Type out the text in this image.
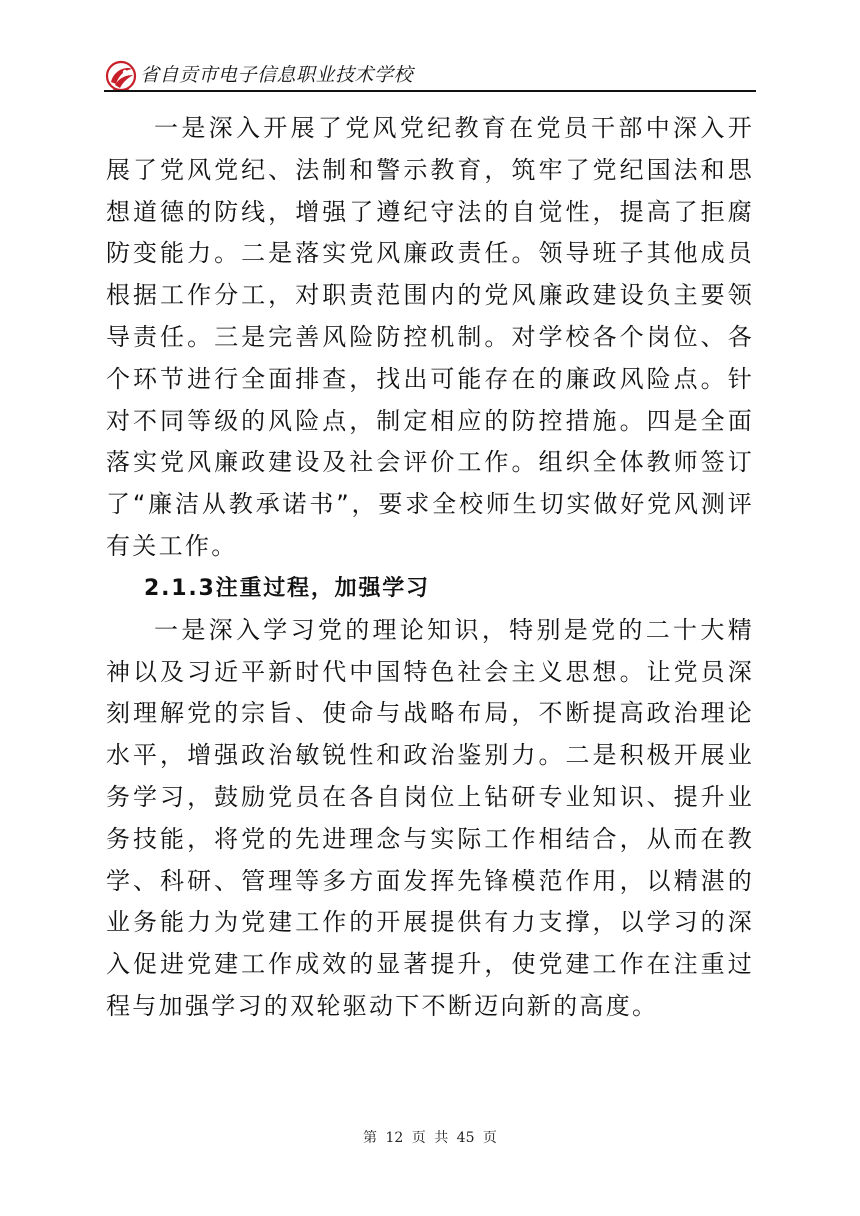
省自贡市电子信息职业技术学校

一是深入开展了党风党纪教育在党员干部中深入开展了党风党纪、法制和警示教育，筑牢了党纪国法和思想道德的防线，增强了遵纪守法的自觉性，提高了拒腐防变能力。二是落实党风廉政责任。领导班子其他成员根据工作分工，对职责范围内的党风廉政建设负主要领导责任。三是完善风险防控机制。对学校各个岗位、各个环节进行全面排查，找出可能存在的廉政风险点。针对不同等级的风险点，制定相应的防控措施。四是全面落实党风廉政建设及社会评价工作。组织全体教师签订了“廉洁从教承诺书”，要求全校师生切实做好党风测评有关工作。

2.1.3注重过程，加强学习

一是深入学习党的理论知识，特别是党的二十大精神以及习近平新时代中国特色社会主义思想。让党员深刻理解党的宗旨、使命与战略布局，不断提高政治理论水平，增强政治敏锐性和政治鉴别力。二是积极开展业务学习，鼓励党员在各自岗位上钻研专业知识、提升业务技能，将党的先进理念与实际工作相结合，从而在教学、科研、管理等多方面发挥先锋模范作用，以精湛的业务能力为党建工作的开展提供有力支撑，以学习的深入促进党建工作成效的显著提升，使党建工作在注重过程与加强学习的双轮驱动下不断迈向新的高度。

第 12 页 共 45 页
